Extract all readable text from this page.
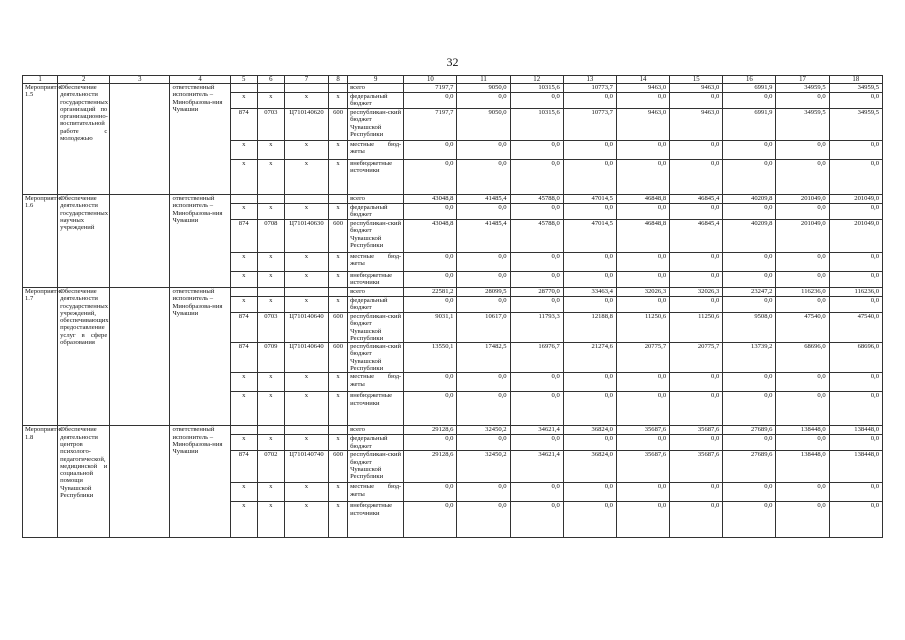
32
1	2	3	4	5	6	7	8	9	10	11	12	13	14	15	16	17	18
Мероприятие 1.5	Обеспечение деятельности государственных организаций по организационно-воспитательной работе с молодежью		ответственный исполнитель – Минобразова-ния Чувашии					всего	7197,7	9050,0	10315,6	10773,7	9463,0	9463,0	6991,9	34959,5	34959,5
				x	x	x	x	федеральный бюджет	0,0	0,0	0,0	0,0	0,0	0,0	0,0	0,0	0,0
				874	0703	Ц710140620	600	республикан-ский бюджет Чувашской Республики	7197,7	9050,0	10315,6	10773,7	9463,0	9463,0	6991,9	34959,5	34959,5
				x	x	x	x	местные бюд-жеты	0,0	0,0	0,0	0,0	0,0	0,0	0,0	0,0	0,0
				x	x	x	x	внебюджетные источники	0,0	0,0	0,0	0,0	0,0	0,0	0,0	0,0	0,0
Мероприятие 1.6	Обеспечение деятельности государственных научных учреждений		ответственный исполнитель – Минобразова-ния Чувашии					всего	43048,8	41485,4	45788,0	47014,5	46848,8	46845,4	40209,8	201049,0	201049,0
				x	x	x	x	федеральный бюджет	0,0	0,0	0,0	0,0	0,0	0,0	0,0	0,0	0,0
				874	0708	Ц710140630	600	республикан-ский бюджет Чувашской Республики	43048,8	41485,4	45788,0	47014,5	46848,8	46845,4	40209,8	201049,0	201049,0
				x	x	x	x	местные бюд-жеты	0,0	0,0	0,0	0,0	0,0	0,0	0,0	0,0	0,0
				x	x	x	x	внебюджетные источники	0,0	0,0	0,0	0,0	0,0	0,0	0,0	0,0	0,0
Мероприятие 1.7	Обеспечение деятельности государственных учреждений, обеспечивающих предоставление услуг в сфере образования		ответственный исполнитель – Минобразова-ния Чувашии					всего	22581,2	28099,5	28770,0	33463,4	32026,3	32026,3	23247,2	116236,0	116236,0
				x	x	x	x	федеральный бюджет	0,0	0,0	0,0	0,0	0,0	0,0	0,0	0,0	0,0
				874	0703	Ц710140640	600	республикан-ский бюджет Чувашской Республики	9031,1	10617,0	11793,3	12188,8	11250,6	11250,6	9508,0	47540,0	47540,0
				874	0709	Ц710140640	600	республикан-ский бюджет Чувашской Республики	13550,1	17482,5	16976,7	21274,6	20775,7	20775,7	13739,2	68696,0	68696,0
				x	x	x	x	местные бюд-жеты	0,0	0,0	0,0	0,0	0,0	0,0	0,0	0,0	0,0
				x	x	x	x	внебюджетные источники	0,0	0,0	0,0	0,0	0,0	0,0	0,0	0,0	0,0
Мероприятие 1.8	Обеспечение деятельности центров психолого-педагогической, медицинской и социальной помощи Чувашской Республики		ответственный исполнитель – Минобразова-ния Чувашии					всего	29128,6	32450,2	34621,4	36824,0	35687,6	35687,6	27689,6	138448,0	138448,0
				x	x	x	x	федеральный бюджет	0,0	0,0	0,0	0,0	0,0	0,0	0,0	0,0	0,0
				874	0702	Ц710140740	600	республикан-ский бюджет Чувашской Республики	29128,6	32450,2	34621,4	36824,0	35687,6	35687,6	27689,6	138448,0	138448,0
				x	x	x	x	местные бюд-жеты	0,0	0,0	0,0	0,0	0,0	0,0	0,0	0,0	0,0
				x	x	x	x	внебюджетные источники	0,0	0,0	0,0	0,0	0,0	0,0	0,0	0,0	0,0
